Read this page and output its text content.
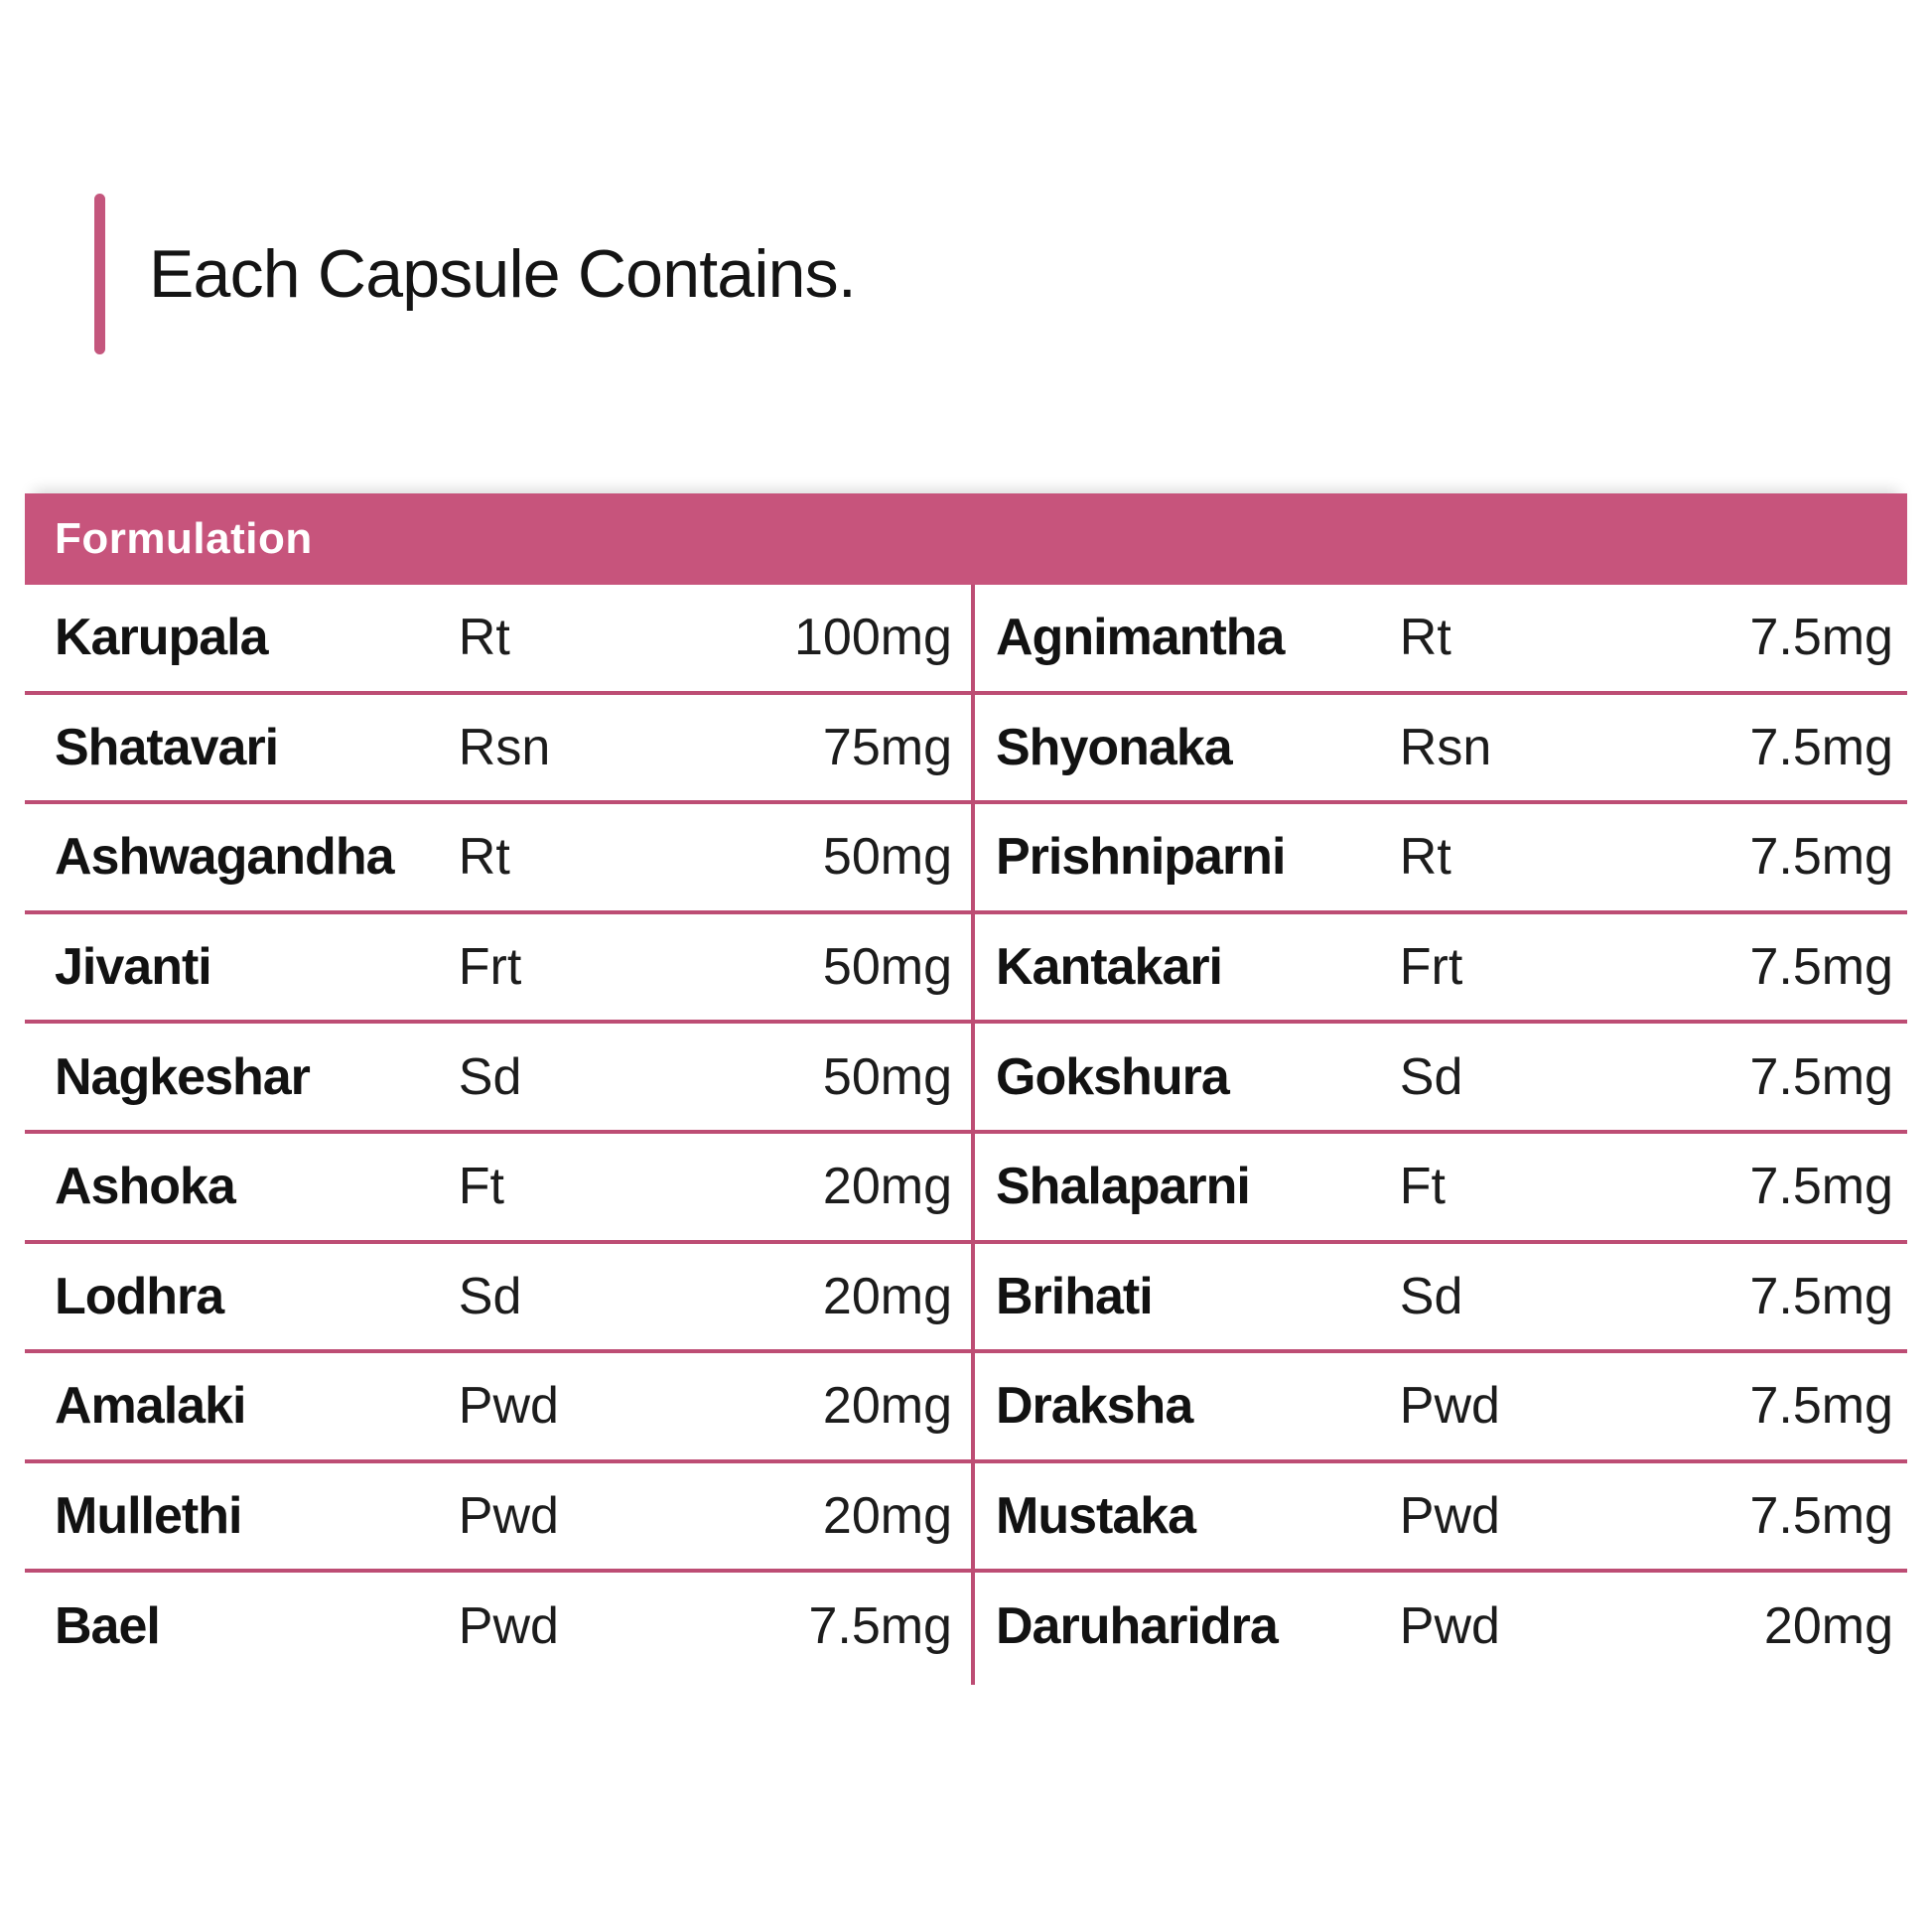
Each Capsule Contains.
Formulation
Karupala	Rt	100mg Agnimantha	Rt	7.5mg
Shatavari	Rsn	75mg Shyonaka	Rsn	7.5mg
Ashwagandha	Rt	50mg Prishniparni	Rt	7.5mg
Jivanti	Frt	50mg Kantakari	Frt	7.5mg
Nagkeshar	Sd	50mg Gokshura	Sd	7.5mg
Ashoka	Ft	20mg Shalaparni	Ft	7.5mg
Lodhra	Sd	20mg Brihati	Sd	7.5mg
Amalaki	Pwd	20mg Draksha	Pwd	7.5mg
Mullethi	Pwd	20mg Mustaka	Pwd	7.5mg
Bael	Pwd	7.5mg Daruharidra	Pwd	20mg
